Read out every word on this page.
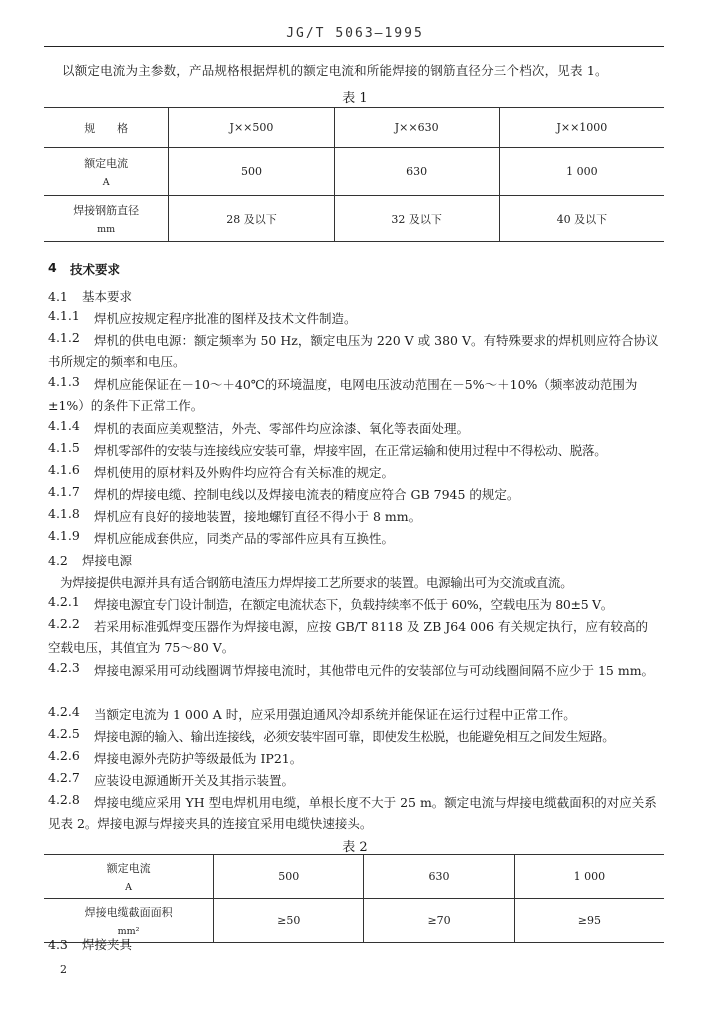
JG/T 5063—1995
以额定电流为主参数，产品规格根据焊机的额定电流和所能焊接的钢筋直径分三个档次，见表 1。
表 1
规　　格	J××500	J××630	J××1000
额定电流
A	500	630	1 000
焊接钢筋直径
mm	28 及以下	32 及以下	40 及以下
4 技术要求
4.1 基本要求
4.1.1	焊机应按规定程序批准的图样及技术文件制造。
4.1.2	焊机的供电电源：额定频率为 50 Hz，额定电压为 220 V 或 380 V。有特殊要求的焊机则应符合协议书所规定的频率和电压。
4.1.3	焊机应能保证在－10～＋40℃的环境温度，电网电压波动范围在－5%～＋10%（频率波动范围为±1%）的条件下正常工作。
4.1.4	焊机的表面应美观整洁，外壳、零部件均应涂漆、氧化等表面处理。
4.1.5	焊机零部件的安装与连接线应安装可靠，焊接牢固，在正常运输和使用过程中不得松动、脱落。
4.1.6	焊机使用的原材料及外购件均应符合有关标准的规定。
4.1.7	焊机的焊接电缆、控制电线以及焊接电流表的精度应符合 GB 7945 的规定。
4.1.8	焊机应有良好的接地装置，接地螺钉直径不得小于 8 mm。
4.1.9	焊机应能成套供应，同类产品的零部件应具有互换性。
4.2 焊接电源
为焊接提供电源并具有适合钢筋电渣压力焊焊接工艺所要求的装置。电源输出可为交流或直流。
4.2.1	焊接电源宜专门设计制造，在额定电流状态下，负载持续率不低于 60%，空载电压为 80±5 V。
4.2.2	若采用标准弧焊变压器作为焊接电源，应按 GB/T 8118 及 ZB J64 006 有关规定执行，应有较高的空载电压，其值宜为 75～80 V。
4.2.3	焊接电源采用可动线圈调节焊接电流时，其他带电元件的安装部位与可动线圈间隔不应少于 15 mm。
4.2.4	当额定电流为 1 000 A 时，应采用强迫通风冷却系统并能保证在运行过程中正常工作。
4.2.5	焊接电源的输入、输出连接线，必须安装牢固可靠，即使发生松脱，也能避免相互之间发生短路。
4.2.6	焊接电源外壳防护等级最低为 IP21。
4.2.7	应装设电源通断开关及其指示装置。
4.2.8	焊接电缆应采用 YH 型电焊机用电缆，单根长度不大于 25 m。额定电流与焊接电缆截面积的对应关系见表 2。焊接电源与焊接夹具的连接宜采用电缆快速接头。
表 2
额定电流
A	500	630	1 000
焊接电缆截面面积
mm²	≥50	≥70	≥95
4.3 焊接夹具
2
